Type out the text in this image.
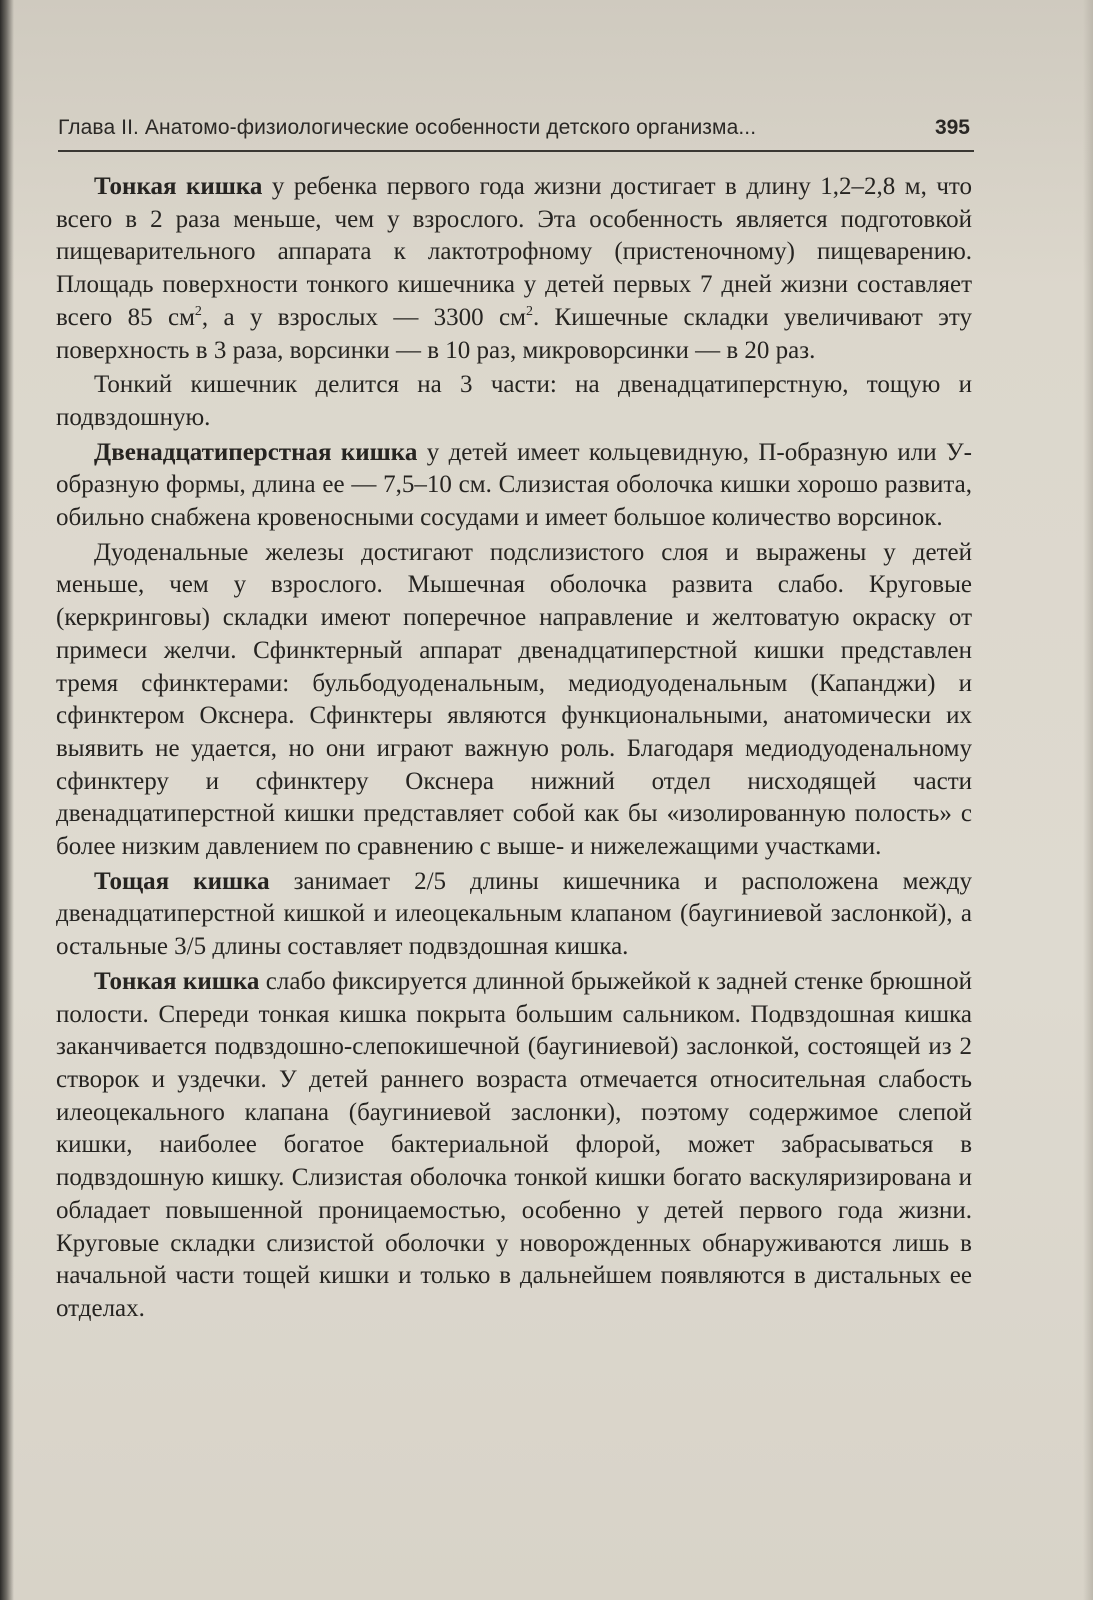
Глава II. Анатомо-физиологические особенности детского организма...	395

Тонкая кишка у ребенка первого года жизни достигает в длину 1,2–2,8 м, что всего в 2 раза меньше, чем у взрослого. Эта особенность является подготовкой пищеварительного аппарата к лактотрофному (пристеночному) пищеварению. Площадь поверхности тонкого кишечника у детей первых 7 дней жизни составляет всего 85 $см^2$, а у взрослых — 3300 $см^2$. Кишечные складки увеличивают эту поверхность в 3 раза, ворсинки — в 10 раз, микроворсинки — в 20 раз.

Тонкий кишечник делится на 3 части: на двенадцатиперстную, тощую и подвздошную.

Двенадцатиперстная кишка у детей имеет кольцевидную, П-образную или У-образную формы, длина ее — 7,5–10 см. Слизистая оболочка кишки хорошо развита, обильно снабжена кровеносными сосудами и имеет большое количество ворсинок.

Дуоденальные железы достигают подслизистого слоя и выражены у детей меньше, чем у взрослого. Мышечная оболочка развита слабо. Круговые (керкринговы) складки имеют поперечное направление и желтоватую окраску от примеси желчи. Сфинктерный аппарат двенадцатиперстной кишки представлен тремя сфинктерами: бульбодуоденальным, медиодуоденальным (Капанджи) и сфинктером Окснера. Сфинктеры являются функциональными, анатомически их выявить не удается, но они играют важную роль. Благодаря медиодуоденальному сфинктеру и сфинктеру Окснера нижний отдел нисходящей части двенадцатиперстной кишки представляет собой как бы «изолированную полость» с более низким давлением по сравнению с выше- и нижележащими участками.

Тощая кишка занимает 2/5 длины кишечника и расположена между двенадцатиперстной кишкой и илеоцекальным клапаном (баугиниевой заслонкой), а остальные 3/5 длины составляет подвздошная кишка.

Тонкая кишка слабо фиксируется длинной брыжейкой к задней стенке брюшной полости. Спереди тонкая кишка покрыта большим сальником. Подвздошная кишка заканчивается подвздошно-слепокишечной (баугиниевой) заслонкой, состоящей из 2 створок и уздечки. У детей раннего возраста отмечается относительная слабость илеоцекального клапана (баугиниевой заслонки), поэтому содержимое слепой кишки, наиболее богатое бактериальной флорой, может забрасываться в подвздошную кишку. Слизистая оболочка тонкой кишки богато васкуляризирована и обладает повышенной проницаемостью, особенно у детей первого года жизни. Круговые складки слизистой оболочки у новорожденных обнаруживаются лишь в начальной части тощей кишки и только в дальнейшем появляются в дистальных ее отделах.
